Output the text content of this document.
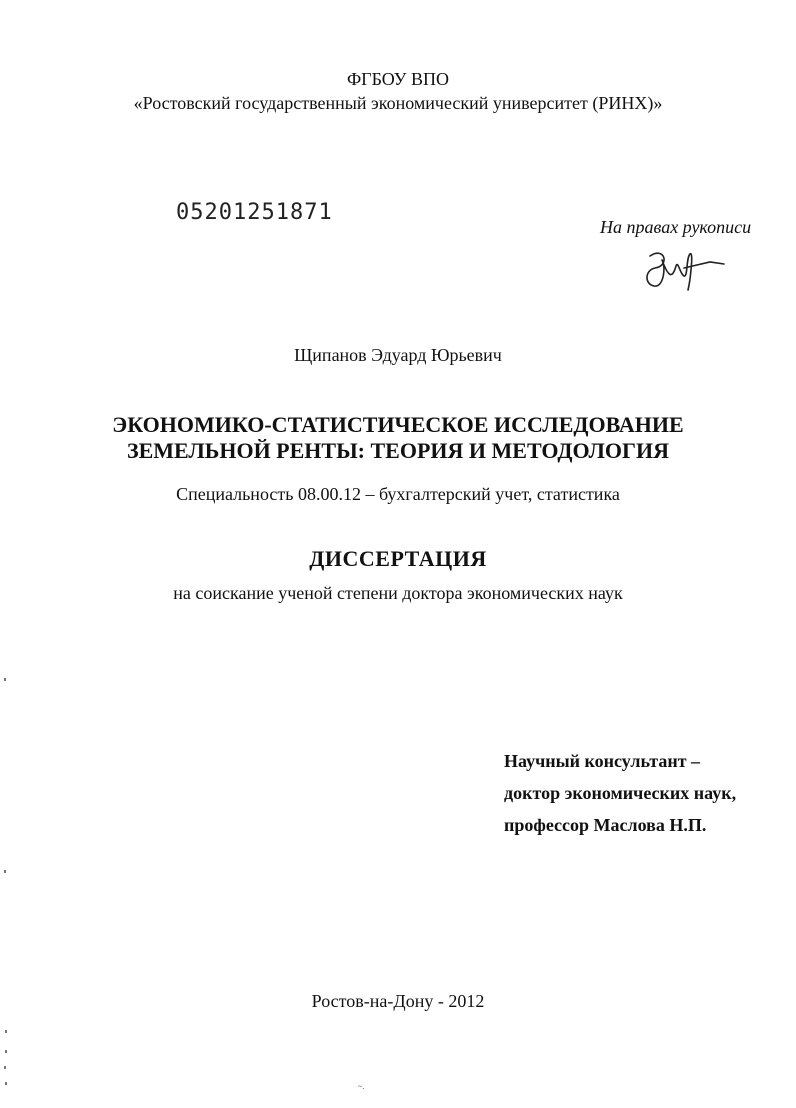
ФГБОУ ВПО
«Ростовский государственный экономический университет (РИНХ)»
05201251871
На правах рукописи
Щипанов Эдуард Юрьевич
ЭКОНОМИКО-СТАТИСТИЧЕСКОЕ ИССЛЕДОВАНИЕ
ЗЕМЕЛЬНОЙ РЕНТЫ: ТЕОРИЯ И МЕТОДОЛОГИЯ
Специальность 08.00.12 – бухгалтерский учет, статистика
ДИССЕРТАЦИЯ
на соискание ученой степени доктора экономических наук
Научный консультант –
доктор экономических наук,
профессор Маслова Н.П.
Ростов-на-Дону - 2012
~.
